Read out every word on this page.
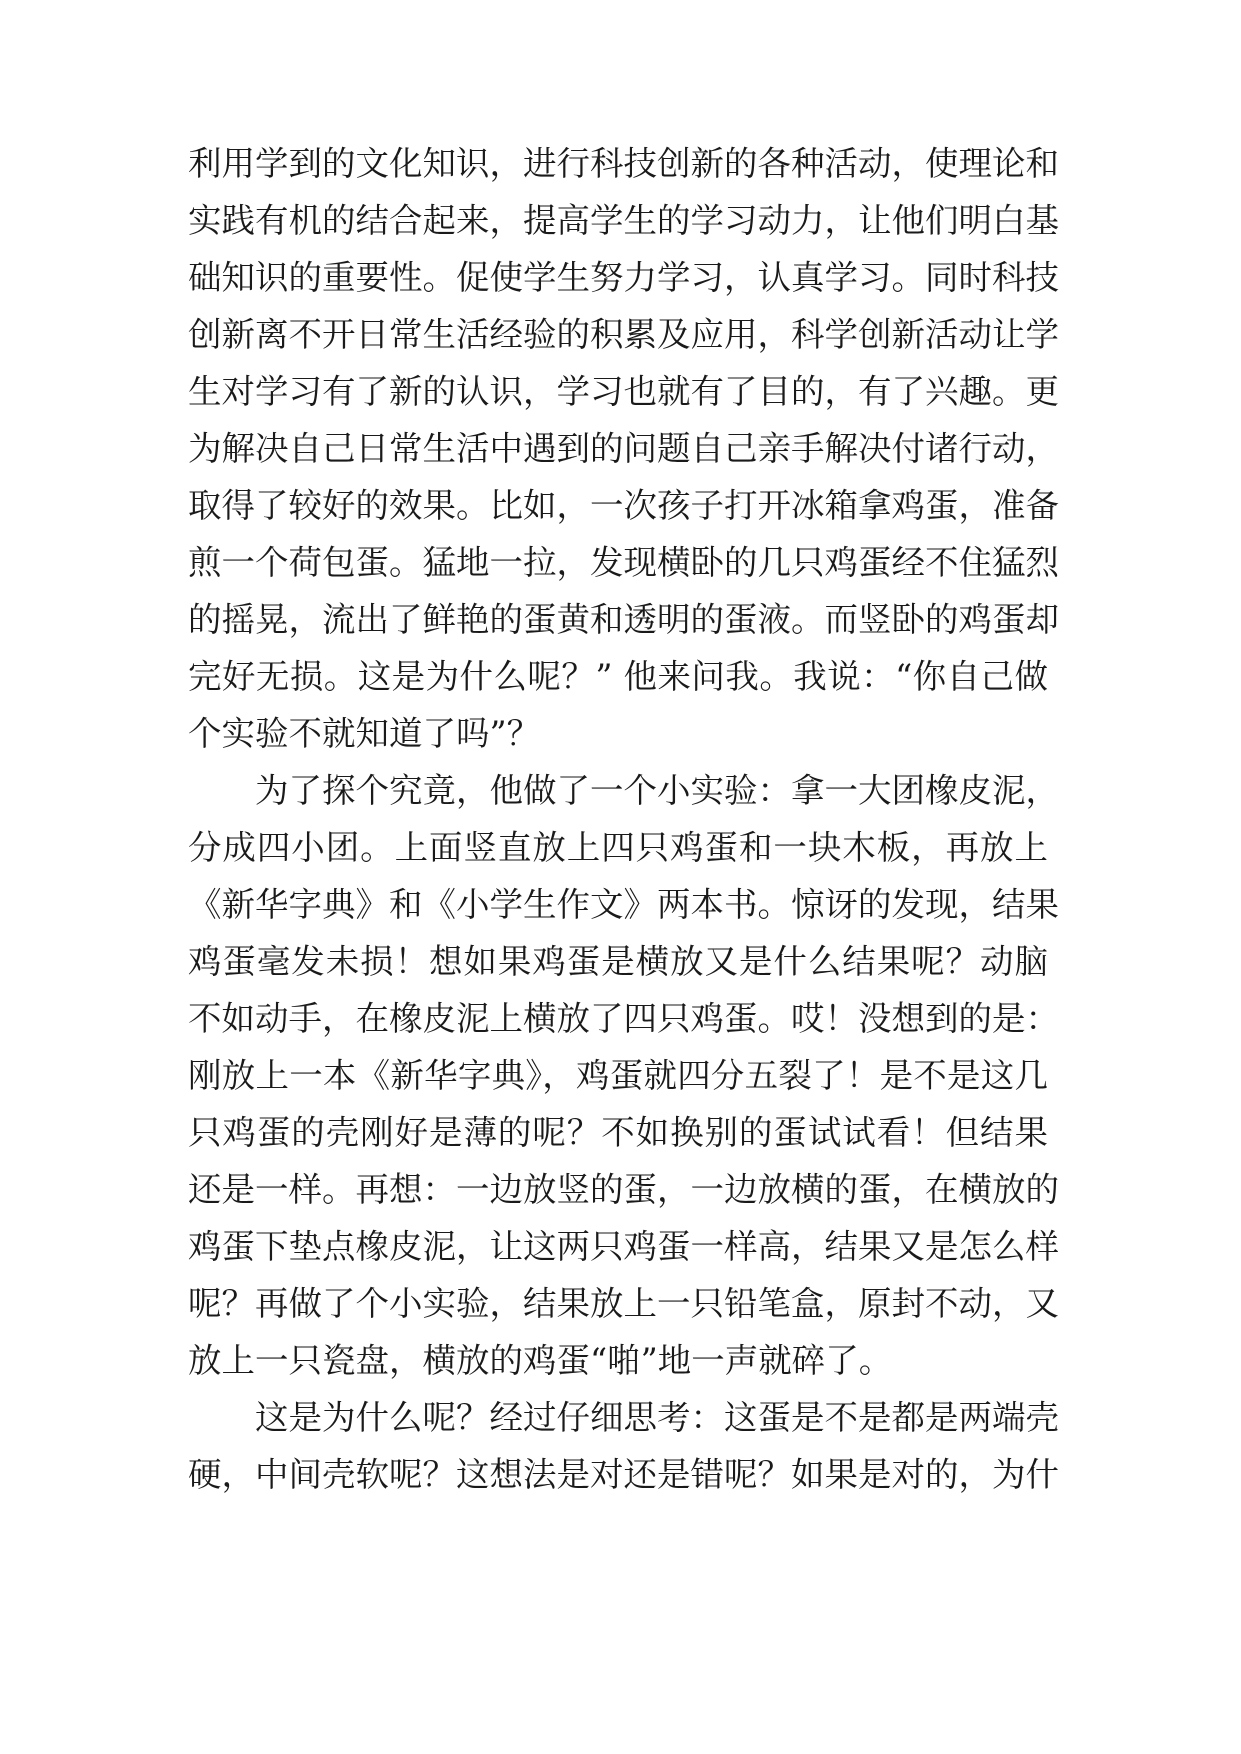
利用学到的文化知识，进行科技创新的各种活动，使理论和
实践有机的结合起来，提高学生的学习动力，让他们明白基
础知识的重要性。促使学生努力学习，认真学习。同时科技
创新离不开日常生活经验的积累及应用，科学创新活动让学
生对学习有了新的认识，学习也就有了目的，有了兴趣。更
为解决自己日常生活中遇到的问题自己亲手解决付诸行动，
取得了较好的效果。比如，一次孩子打开冰箱拿鸡蛋，准备
煎一个荷包蛋。猛地一拉，发现横卧的几只鸡蛋经不住猛烈
的摇晃，流出了鲜艳的蛋黄和透明的蛋液。而竖卧的鸡蛋却
完好无损。这是为什么呢？” 他来问我。我说：“你自己做
个实验不就知道了吗”？
为了探个究竟，他做了一个小实验：拿一大团橡皮泥，
分成四小团。上面竖直放上四只鸡蛋和一块木板，再放上
《新华字典》和《小学生作文》两本书。惊讶的发现，结果
鸡蛋毫发未损！想如果鸡蛋是横放又是什么结果呢？动脑
不如动手，在橡皮泥上横放了四只鸡蛋。哎！没想到的是：
刚放上一本《新华字典》，鸡蛋就四分五裂了！是不是这几
只鸡蛋的壳刚好是薄的呢？不如换别的蛋试试看！但结果
还是一样。再想：一边放竖的蛋，一边放横的蛋，在横放的
鸡蛋下垫点橡皮泥，让这两只鸡蛋一样高，结果又是怎么样
呢？再做了个小实验，结果放上一只铅笔盒，原封不动，又
放上一只瓷盘，横放的鸡蛋“啪”地一声就碎了。
这是为什么呢？经过仔细思考：这蛋是不是都是两端壳
硬，中间壳软呢？这想法是对还是错呢？如果是对的，为什
